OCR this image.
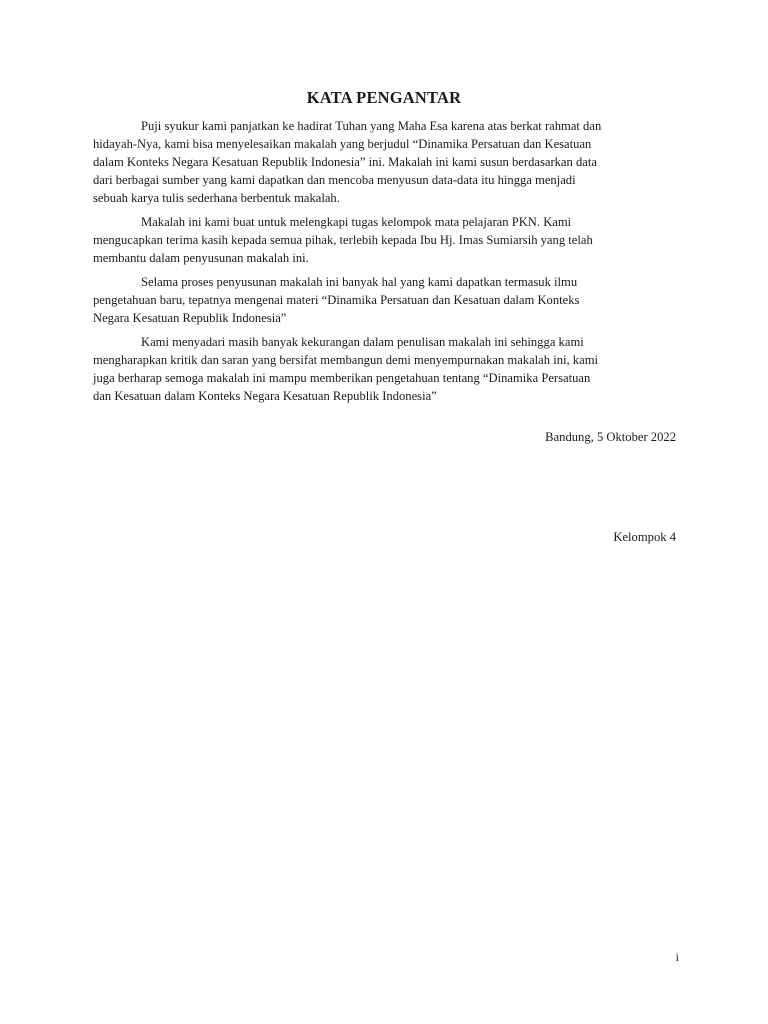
KATA PENGANTAR

Puji syukur kami panjatkan ke hadirat Tuhan yang Maha Esa karena atas berkat rahmat dan
hidayah-Nya, kami bisa menyelesaikan makalah yang berjudul “Dinamika Persatuan dan Kesatuan
dalam Konteks Negara Kesatuan Republik Indonesia” ini. Makalah ini kami susun berdasarkan data
dari berbagai sumber yang kami dapatkan dan mencoba menyusun data-data itu hingga menjadi
sebuah karya tulis sederhana berbentuk makalah.

Makalah ini kami buat untuk melengkapi tugas kelompok mata pelajaran PKN. Kami
mengucapkan terima kasih kepada semua pihak, terlebih kepada Ibu Hj. Imas Sumiarsih yang telah
membantu dalam penyusunan makalah ini.

Selama proses penyusunan makalah ini banyak hal yang kami dapatkan termasuk ilmu
pengetahuan baru, tepatnya mengenai materi “Dinamika Persatuan dan Kesatuan dalam Konteks
Negara Kesatuan Republik Indonesia”

Kami menyadari masih banyak kekurangan dalam penulisan makalah ini sehingga kami
mengharapkan kritik dan saran yang bersifat membangun demi menyempurnakan makalah ini, kami
juga berharap semoga makalah ini mampu memberikan pengetahuan tentang “Dinamika Persatuan
dan Kesatuan dalam Konteks Negara Kesatuan Republik Indonesia”

Bandung, 5 Oktober 2022
Kelompok 4
i
